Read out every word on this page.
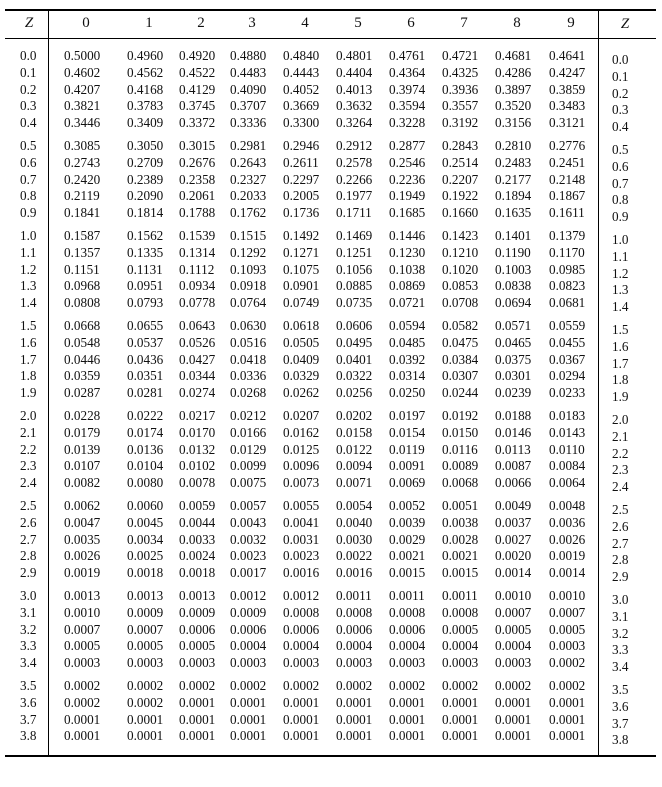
Z	0	1	2	3	4	5	6	7	8	9	Z
0.0 0.5000 0.4960 0.4920 0.4880 0.4840 0.4801 0.4761 0.4721 0.4681 0.4641 0.0
0.1 0.4602 0.4562 0.4522 0.4483 0.4443 0.4404 0.4364 0.4325 0.4286 0.4247 0.1
0.2 0.4207 0.4168 0.4129 0.4090 0.4052 0.4013 0.3974 0.3936 0.3897 0.3859 0.2
0.3 0.3821 0.3783 0.3745 0.3707 0.3669 0.3632 0.3594 0.3557 0.3520 0.3483 0.3
0.4 0.3446 0.3409 0.3372 0.3336 0.3300 0.3264 0.3228 0.3192 0.3156 0.3121 0.4
0.5 0.3085 0.3050 0.3015 0.2981 0.2946 0.2912 0.2877 0.2843 0.2810 0.2776 0.5
0.6 0.2743 0.2709 0.2676 0.2643 0.2611 0.2578 0.2546 0.2514 0.2483 0.2451 0.6
0.7 0.2420 0.2389 0.2358 0.2327 0.2297 0.2266 0.2236 0.2207 0.2177 0.2148 0.7
0.8 0.2119 0.2090 0.2061 0.2033 0.2005 0.1977 0.1949 0.1922 0.1894 0.1867 0.8
0.9 0.1841 0.1814 0.1788 0.1762 0.1736 0.1711 0.1685 0.1660 0.1635 0.1611 0.9
1.0 0.1587 0.1562 0.1539 0.1515 0.1492 0.1469 0.1446 0.1423 0.1401 0.1379 1.0
1.1 0.1357 0.1335 0.1314 0.1292 0.1271 0.1251 0.1230 0.1210 0.1190 0.1170 1.1
1.2 0.1151 0.1131 0.1112 0.1093 0.1075 0.1056 0.1038 0.1020 0.1003 0.0985 1.2
1.3 0.0968 0.0951 0.0934 0.0918 0.0901 0.0885 0.0869 0.0853 0.0838 0.0823 1.3
1.4 0.0808 0.0793 0.0778 0.0764 0.0749 0.0735 0.0721 0.0708 0.0694 0.0681 1.4
1.5 0.0668 0.0655 0.0643 0.0630 0.0618 0.0606 0.0594 0.0582 0.0571 0.0559 1.5
1.6 0.0548 0.0537 0.0526 0.0516 0.0505 0.0495 0.0485 0.0475 0.0465 0.0455 1.6
1.7 0.0446 0.0436 0.0427 0.0418 0.0409 0.0401 0.0392 0.0384 0.0375 0.0367 1.7
1.8 0.0359 0.0351 0.0344 0.0336 0.0329 0.0322 0.0314 0.0307 0.0301 0.0294 1.8
1.9 0.0287 0.0281 0.0274 0.0268 0.0262 0.0256 0.0250 0.0244 0.0239 0.0233 1.9
2.0 0.0228 0.0222 0.0217 0.0212 0.0207 0.0202 0.0197 0.0192 0.0188 0.0183 2.0
2.1 0.0179 0.0174 0.0170 0.0166 0.0162 0.0158 0.0154 0.0150 0.0146 0.0143 2.1
2.2 0.0139 0.0136 0.0132 0.0129 0.0125 0.0122 0.0119 0.0116 0.0113 0.0110 2.2
2.3 0.0107 0.0104 0.0102 0.0099 0.0096 0.0094 0.0091 0.0089 0.0087 0.0084 2.3
2.4 0.0082 0.0080 0.0078 0.0075 0.0073 0.0071 0.0069 0.0068 0.0066 0.0064 2.4
2.5 0.0062 0.0060 0.0059 0.0057 0.0055 0.0054 0.0052 0.0051 0.0049 0.0048 2.5
2.6 0.0047 0.0045 0.0044 0.0043 0.0041 0.0040 0.0039 0.0038 0.0037 0.0036 2.6
2.7 0.0035 0.0034 0.0033 0.0032 0.0031 0.0030 0.0029 0.0028 0.0027 0.0026 2.7
2.8 0.0026 0.0025 0.0024 0.0023 0.0023 0.0022 0.0021 0.0021 0.0020 0.0019 2.8
2.9 0.0019 0.0018 0.0018 0.0017 0.0016 0.0016 0.0015 0.0015 0.0014 0.0014 2.9
3.0 0.0013 0.0013 0.0013 0.0012 0.0012 0.0011 0.0011 0.0011 0.0010 0.0010 3.0
3.1 0.0010 0.0009 0.0009 0.0009 0.0008 0.0008 0.0008 0.0008 0.0007 0.0007 3.1
3.2 0.0007 0.0007 0.0006 0.0006 0.0006 0.0006 0.0006 0.0005 0.0005 0.0005 3.2
3.3 0.0005 0.0005 0.0005 0.0004 0.0004 0.0004 0.0004 0.0004 0.0004 0.0003 3.3
3.4 0.0003 0.0003 0.0003 0.0003 0.0003 0.0003 0.0003 0.0003 0.0003 0.0002 3.4
3.5 0.0002 0.0002 0.0002 0.0002 0.0002 0.0002 0.0002 0.0002 0.0002 0.0002 3.5
3.6 0.0002 0.0002 0.0001 0.0001 0.0001 0.0001 0.0001 0.0001 0.0001 0.0001 3.6
3.7 0.0001 0.0001 0.0001 0.0001 0.0001 0.0001 0.0001 0.0001 0.0001 0.0001 3.7
3.8 0.0001 0.0001 0.0001 0.0001 0.0001 0.0001 0.0001 0.0001 0.0001 0.0001 3.8
